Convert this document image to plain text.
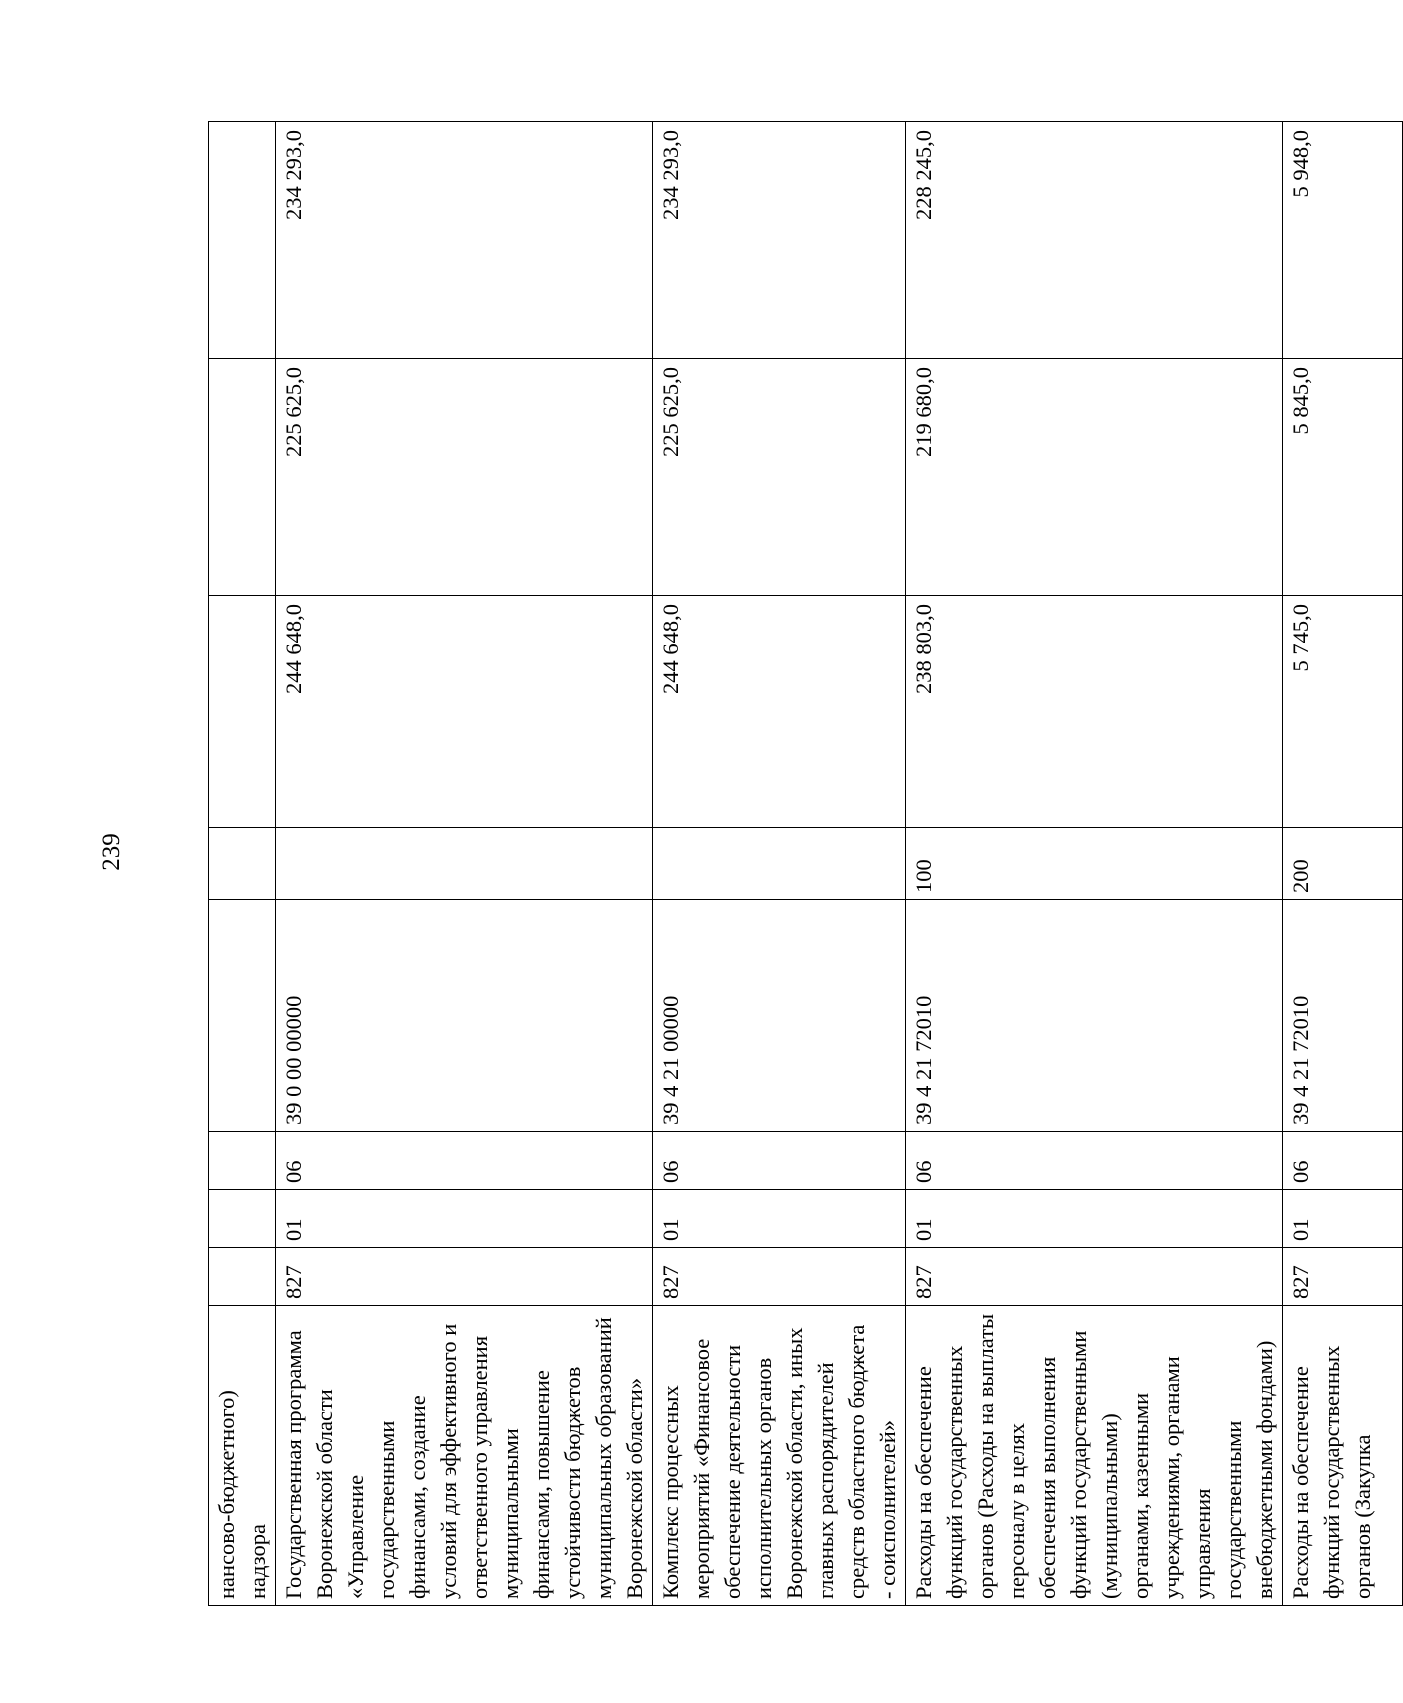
239
нансово-бюджетного) надзора								
Государственная программа Воронежской области «Управление государственными финансами, создание условий для эффективного и ответственного управления муниципальными финансами, повышение устойчивости бюджетов муниципальных образований Воронежской области»	827	01	06	39 0 00 00000		244 648,0	225 625,0	234 293,0
Комплекс процессных мероприятий «Финансовое обеспечение деятельности исполнительных органов Воронежской области, иных главных распорядителей средств областного бюджета - соисполнителей»	827	01	06	39 4 21 00000		244 648,0	225 625,0	234 293,0
Расходы на обеспечение функций государственных органов (Расходы на выплаты персоналу в целях обеспечения выполнения функций государственными (муниципальными) органами, казенными учреждениями, органами управления государственными внебюджетными фондами)	827	01	06	39 4 21 72010	100	238 803,0	219 680,0	228 245,0
Расходы на обеспечение функций государственных органов (Закупка	827	01	06	39 4 21 72010	200	5 745,0	5 845,0	5 948,0
